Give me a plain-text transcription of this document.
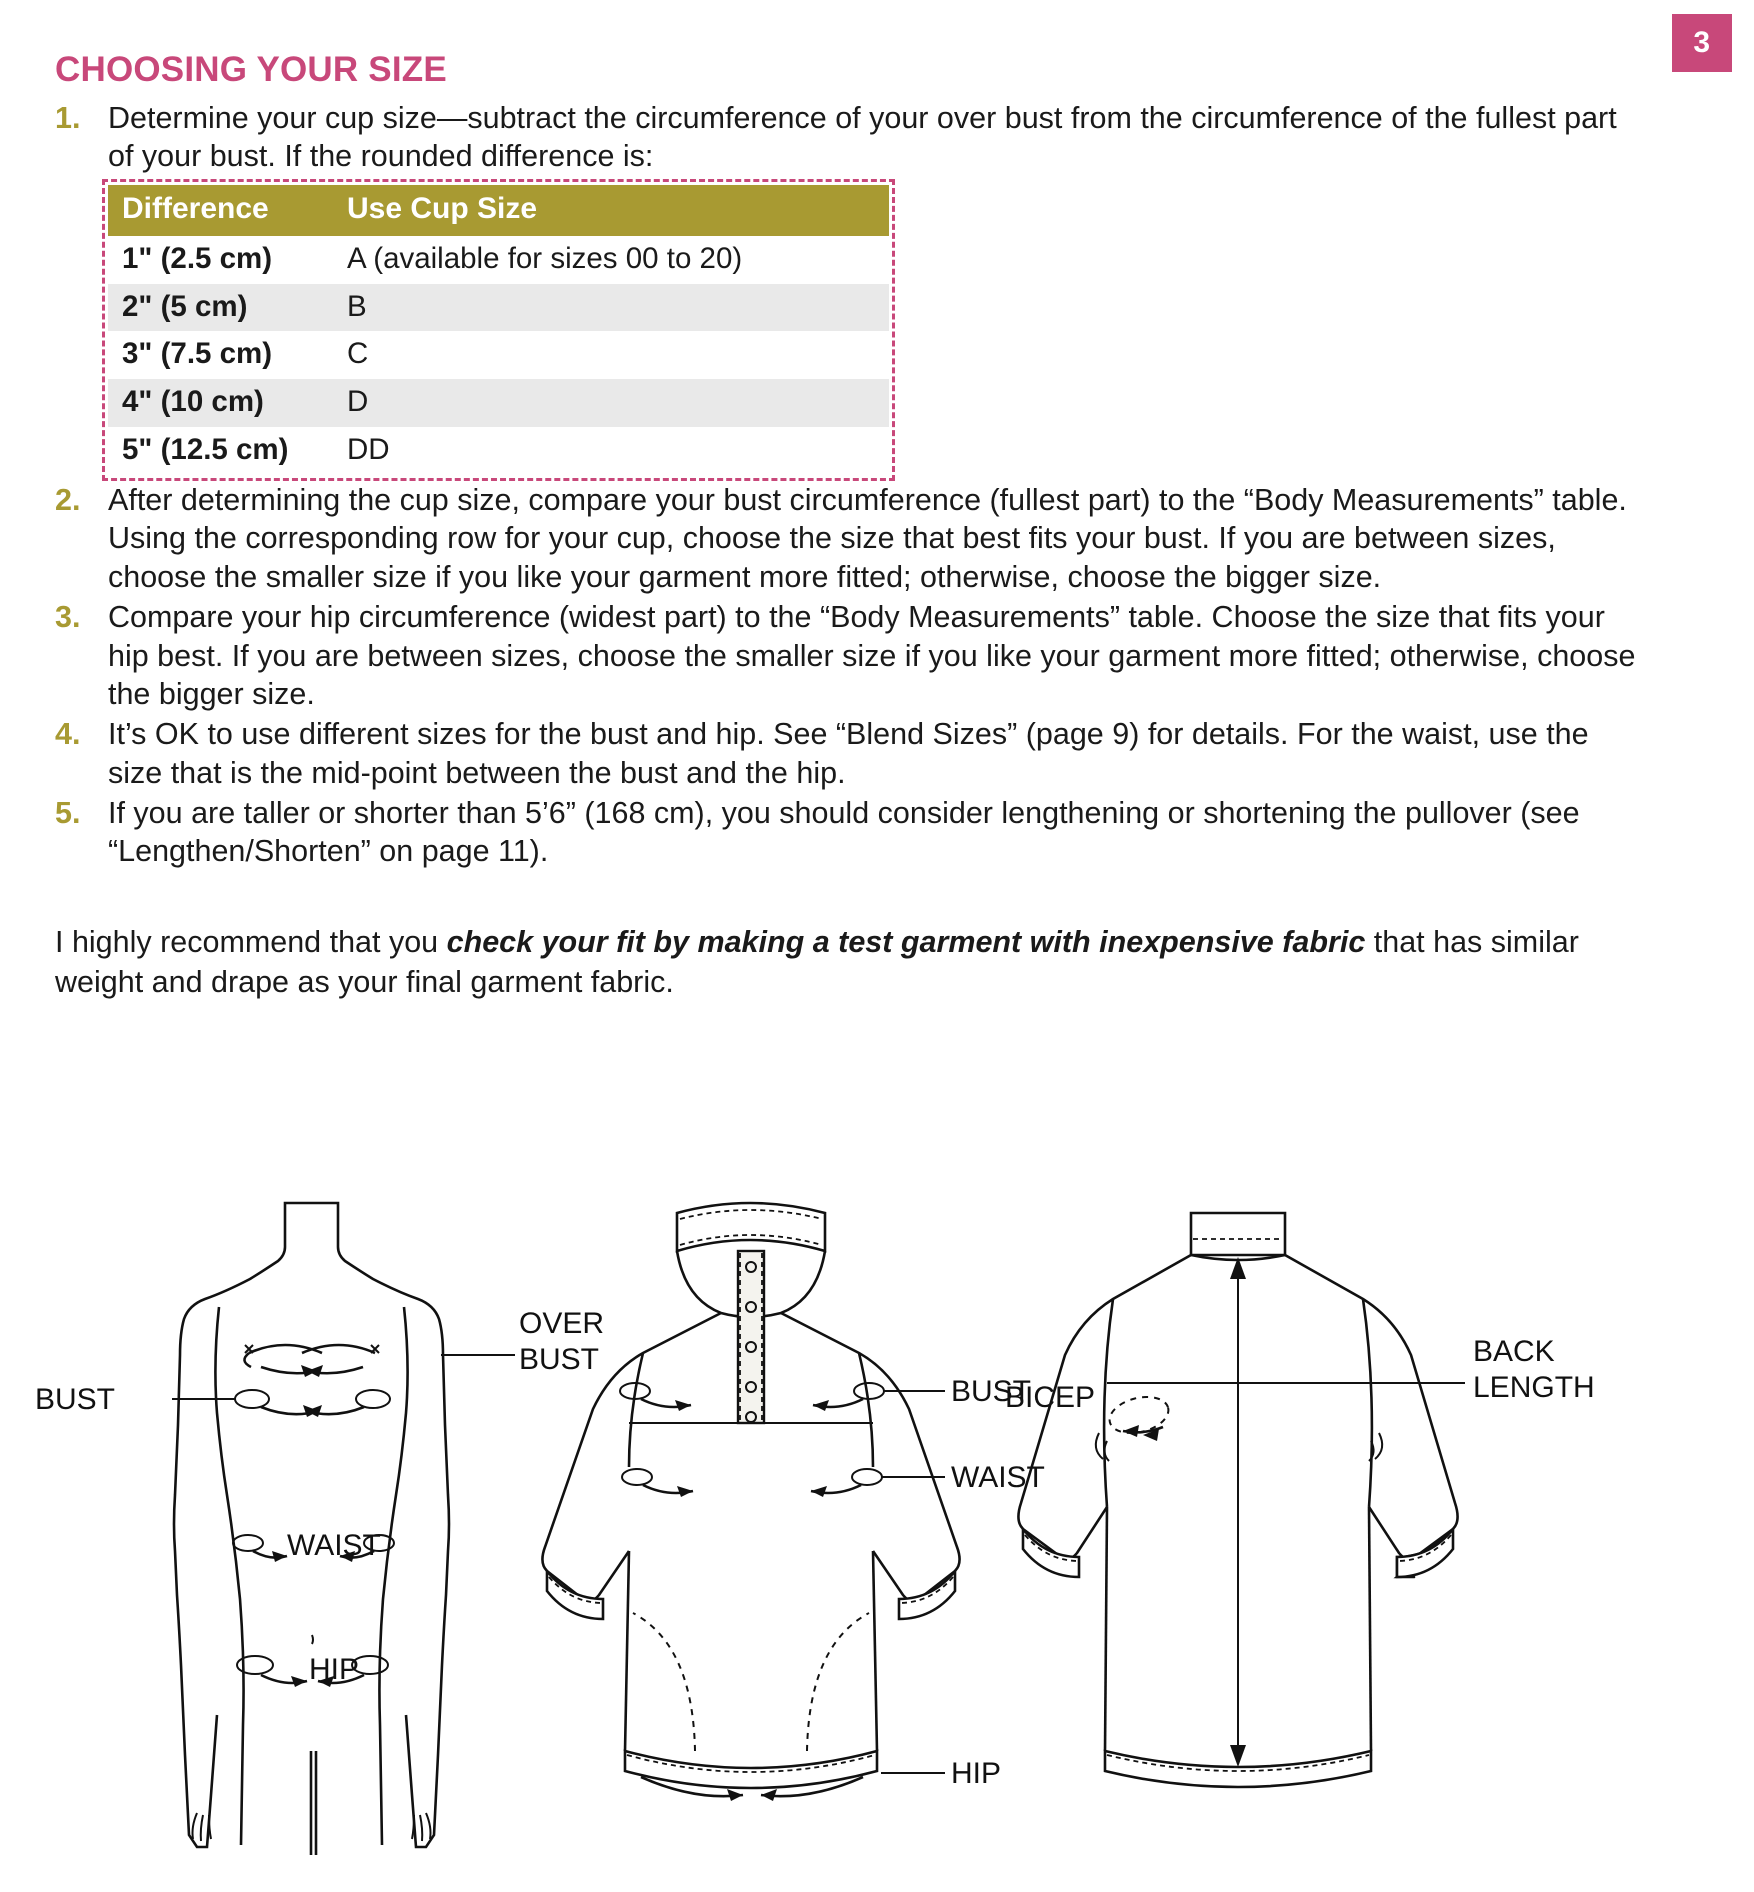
3
CHOOSING YOUR SIZE
1. Determine your cup size—subtract the circumference of your over bust from the circumference of the fullest part of your bust. If the rounded difference is:
Difference	Use Cup Size
1" (2.5 cm)	A (available for sizes 00 to 20)
2" (5 cm)	B
3" (7.5 cm)	C
4" (10 cm)	D
5" (12.5 cm)	DD
2. After determining the cup size, compare your bust circumference (fullest part) to the “Body Measurements” table. Using the corresponding row for your cup, choose the size that best fits your bust. If you are between sizes, choose the smaller size if you like your garment more fitted; otherwise, choose the bigger size.
3. Compare your hip circumference (widest part) to the “Body Measurements” table. Choose the size that fits your hip best. If you are between sizes, choose the smaller size if you like your garment more fitted; otherwise, choose the bigger size.
4. It’s OK to use different sizes for the bust and hip. See “Blend Sizes” (page 9) for details. For the waist, use the size that is the mid-point between the bust and the hip.
5. If you are taller or shorter than 5’6” (168 cm), you should consider lengthening or shortening the pullover (see “Lengthen/Shorten” on page 11).

I highly recommend that you check your fit by making a test garment with inexpensive fabric that has similar weight and drape as your final garment fabric.

BUST
OVER
BUST
WAIST
HIP
BUST
WAIST
HIP
BICEP
BACK
LENGTH
